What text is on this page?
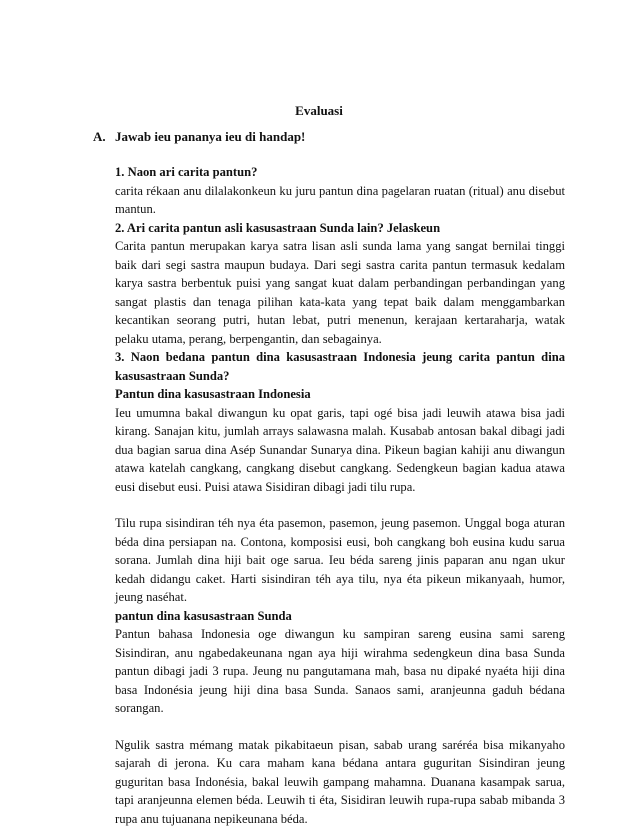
Evaluasi
A. Jawab ieu pananya ieu di handap!

1. Naon ari carita pantun?

carita rékaan anu dilalakonkeun ku juru pantun dina pagelaran ruatan (ritual) anu disebut mantun.

2. Ari carita pantun asli kasusastraan Sunda lain? Jelaskeun

Carita pantun merupakan karya satra lisan asli sunda lama yang sangat bernilai tinggi baik dari segi sastra maupun budaya. Dari segi sastra carita pantun termasuk kedalam karya sastra berbentuk puisi yang sangat kuat dalam perbandingan perbandingan yang sangat plastis dan tenaga pilihan kata-kata yang tepat baik dalam menggambarkan kecantikan seorang putri, hutan lebat, putri menenun, kerajaan kertaraharja, watak pelaku utama, perang, berpengantin, dan sebagainya.

3. Naon bedana pantun dina kasusastraan Indonesia jeung carita pantun dina kasusastraan Sunda?

Pantun dina kasusastraan Indonesia

Ieu umumna bakal diwangun ku opat garis, tapi ogé bisa jadi leuwih atawa bisa jadi kirang. Sanajan kitu, jumlah arrays salawasna malah. Kusabab antosan bakal dibagi jadi dua bagian sarua dina Asép Sunandar Sunarya dina. Pikeun bagian kahiji anu diwangun atawa katelah cangkang, cangkang disebut cangkang. Sedengkeun bagian kadua atawa eusi disebut eusi. Puisi atawa Sisidiran dibagi jadi tilu rupa.

Tilu rupa sisindiran téh nya éta pasemon, pasemon, jeung pasemon. Unggal boga aturan béda dina persiapan na. Contona, komposisi eusi, boh cangkang boh eusina kudu sarua sorana. Jumlah dina hiji bait oge sarua. Ieu béda sareng jinis paparan anu ngan ukur kedah didangu caket. Harti sisindiran téh aya tilu, nya éta pikeun mikanyaah, humor, jeung naséhat.

pantun dina kasusastraan Sunda

Pantun bahasa Indonesia oge diwangun ku sampiran sareng eusina sami sareng Sisindiran, anu ngabedakeunana ngan aya hiji wirahma sedengkeun dina basa Sunda pantun dibagi jadi 3 rupa. Jeung nu pangutamana mah, basa nu dipaké nyaéta hiji dina basa Indonésia jeung hiji dina basa Sunda. Sanaos sami, aranjeunna gaduh bédana sorangan.

Ngulik sastra mémang matak pikabitaeun pisan, sabab urang saréréa bisa mikanyaho sajarah di jerona. Ku cara maham kana bédana antara guguritan Sisindiran jeung guguritan basa Indonésia, bakal leuwih gampang mahamna. Duanana kasampak sarua, tapi aranjeunna elemen béda. Leuwih ti éta, Sisidiran leuwih rupa-rupa sabab mibanda 3 rupa anu tujuanana nepikeunana béda.
